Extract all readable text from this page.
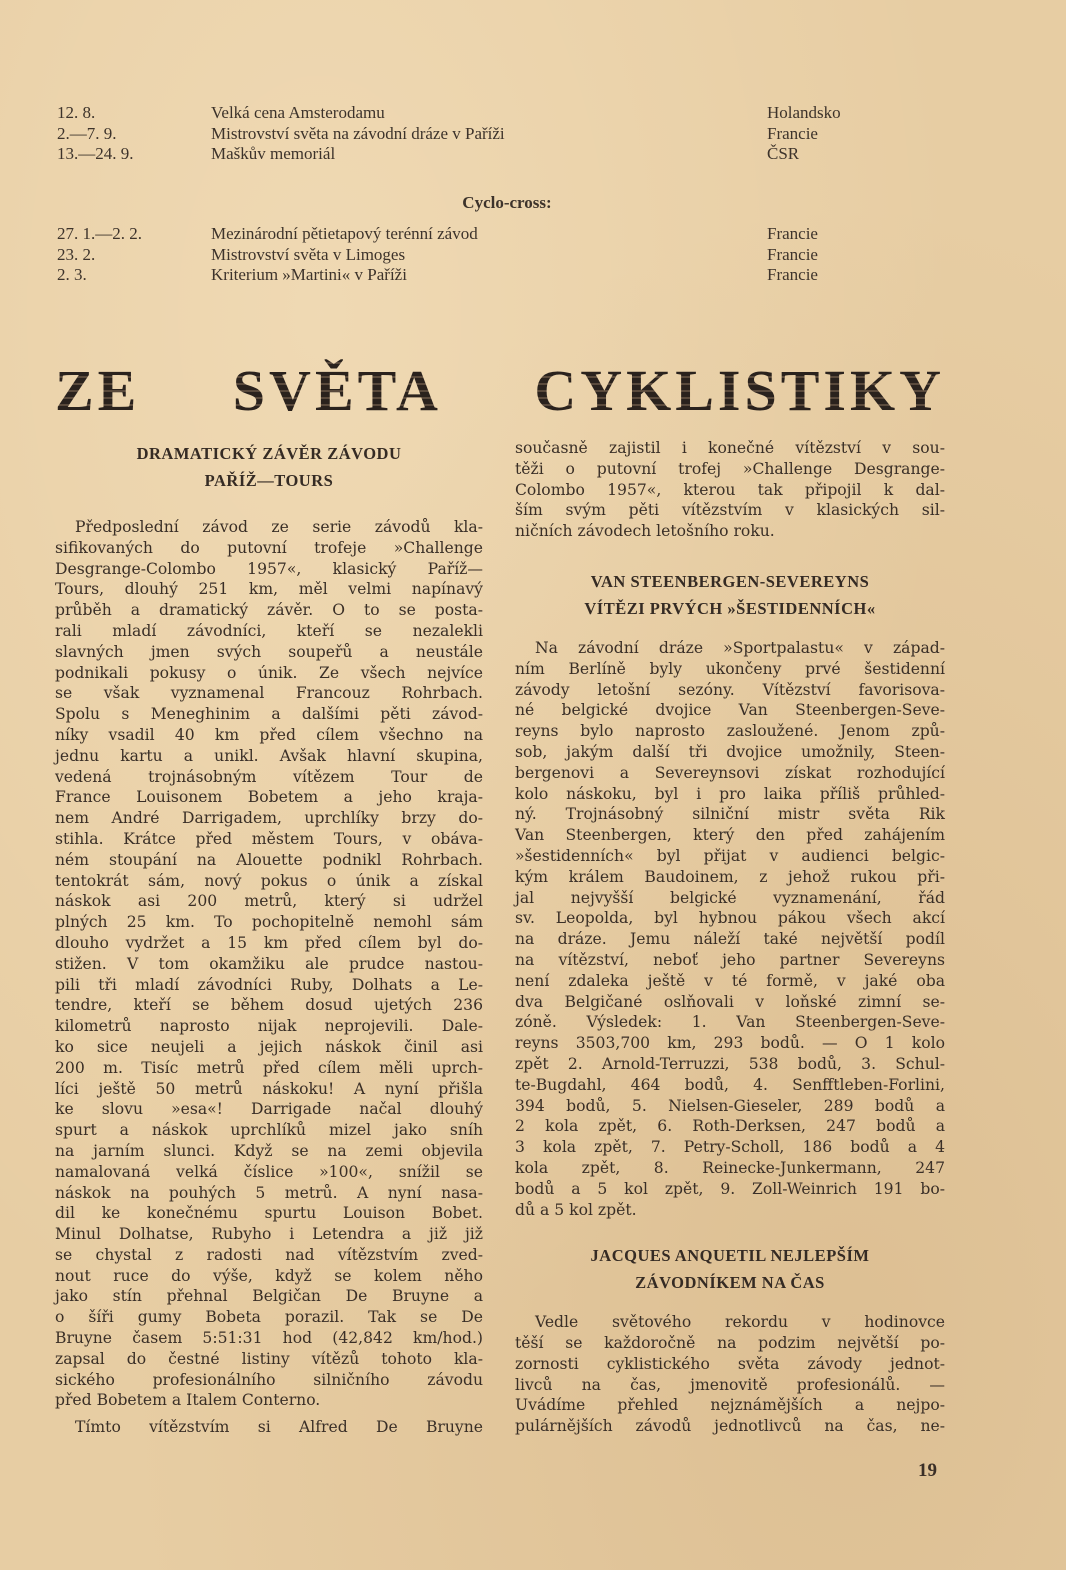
12. 8.	Velká cena Amsterodamu	Holandsko
2.—7. 9.	Mistrovství světa na závodní dráze v Paříži	Francie
13.—24. 9.	Maškův memoriál	ČSR
Cyclo-cross:
27. 1.—2. 2.	Mezinárodní pětietapový terénní závod	Francie
23. 2.	Mistrovství světa v Limoges	Francie
2. 3.	Kriterium »Martini« v Paříži	Francie
ZE SVĚTA CYKLISTIKY
DRAMATICKÝ ZÁVĚR ZÁVODU
PAŘÍŽ—TOURS
Předposlední závod ze serie závodů kla-
sifikovaných do putovní trofeje »Challenge
Desgrange-Colombo 1957«, klasický Paříž—
Tours, dlouhý 251 km, měl velmi napínavý
průběh a dramatický závěr. O to se posta-
rali mladí závodníci, kteří se nezalekli
slavných jmen svých soupeřů a neustále
podnikali pokusy o únik. Ze všech nejvíce
se však vyznamenal Francouz Rohrbach.
Spolu s Meneghinim a dalšími pěti závod-
níky vsadil 40 km před cílem všechno na
jednu kartu a unikl. Avšak hlavní skupina,
vedená trojnásobným vítězem Tour de
France Louisonem Bobetem a jeho kraja-
nem André Darrigadem, uprchlíky brzy do-
stihla. Krátce před městem Tours, v obáva-
ném stoupání na Alouette podnikl Rohrbach.
tentokrát sám, nový pokus o únik a získal
náskok asi 200 metrů, který si udržel
plných 25 km. To pochopitelně nemohl sám
dlouho vydržet a 15 km před cílem byl do-
stižen. V tom okamžiku ale prudce nastou-
pili tři mladí závodníci Ruby, Dolhats a Le-
tendre, kteří se během dosud ujetých 236
kilometrů naprosto nijak neprojevili. Dale-
ko sice neujeli a jejich náskok činil asi
200 m. Tisíc metrů před cílem měli uprch-
líci ještě 50 metrů náskoku! A nyní přišla
ke slovu »esa«! Darrigade načal dlouhý
spurt a náskok uprchlíků mizel jako sníh
na jarním slunci. Když se na zemi objevila
namalovaná velká číslice »100«, snížil se
náskok na pouhých 5 metrů. A nyní nasa-
dil ke konečnému spurtu Louison Bobet.
Minul Dolhatse, Rubyho i Letendra a již již
se chystal z radosti nad vítězstvím zved-
nout ruce do výše, když se kolem něho
jako stín přehnal Belgičan De Bruyne a
o šíři gumy Bobeta porazil. Tak se De
Bruyne časem 5:51:31 hod (42,842 km/hod.)
zapsal do čestné listiny vítězů tohoto kla-
sického profesionálního silničního závodu
před Bobetem a Italem Conterno.
Tímto vítězstvím si Alfred De Bruyne
současně zajistil i konečné vítězství v sou-
těži o putovní trofej »Challenge Desgrange-
Colombo 1957«, kterou tak připojil k dal-
ším svým pěti vítězstvím v klasických sil-
ničních závodech letošního roku.
VAN STEENBERGEN-SEVEREYNS
VÍTĚZI PRVÝCH »ŠESTIDENNÍCH«
Na závodní dráze »Sportpalastu« v západ-
ním Berlíně byly ukončeny prvé šestidenní
závody letošní sezóny. Vítězství favorisova-
né belgické dvojice Van Steenbergen-Seve-
reyns bylo naprosto zasloužené. Jenom způ-
sob, jakým další tři dvojice umožnily, Steen-
bergenovi a Severeynsovi získat rozhodující
kolo náskoku, byl i pro laika příliš průhled-
ný. Trojnásobný silniční mistr světa Rik
Van Steenbergen, který den před zahájením
»šestidenních« byl přijat v audienci belgic-
kým králem Baudoinem, z jehož rukou při-
jal nejvyšší belgické vyznamenání, řád
sv. Leopolda, byl hybnou pákou všech akcí
na dráze. Jemu náleží také největší podíl
na vítězství, neboť jeho partner Severeyns
není zdaleka ještě v té formě, v jaké oba
dva Belgičané oslňovali v loňské zimní se-
zóně. Výsledek: 1. Van Steenbergen-Seve-
reyns 3503,700 km, 293 bodů. — O 1 kolo
zpět 2. Arnold-Terruzzi, 538 bodů, 3. Schul-
te-Bugdahl, 464 bodů, 4. Senfftleben-Forlini,
394 bodů, 5. Nielsen-Gieseler, 289 bodů a
2 kola zpět, 6. Roth-Derksen, 247 bodů a
3 kola zpět, 7. Petry-Scholl, 186 bodů a 4
kola zpět, 8. Reinecke-Junkermann, 247
bodů a 5 kol zpět, 9. Zoll-Weinrich 191 bo-
dů a 5 kol zpět.
JACQUES ANQUETIL NEJLEPŠÍM
ZÁVODNÍKEM NA ČAS
Vedle světového rekordu v hodinovce
těší se každoročně na podzim největší po-
zornosti cyklistického světa závody jednot-
livců na čas, jmenovitě profesionálů. —
Uvádíme přehled nejznámějších a nejpo-
pulárnějších závodů jednotlivců na čas, ne-
19
